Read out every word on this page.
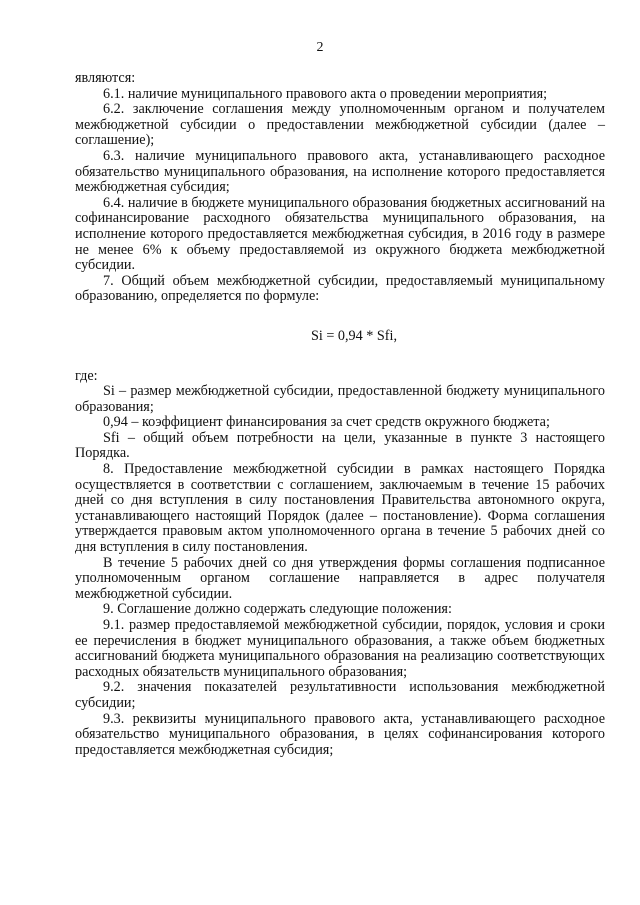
2

являются:

6.1. наличие муниципального правового акта о проведении мероприятия;

6.2. заключение соглашения между уполномоченным органом и получателем межбюджетной субсидии о предоставлении межбюджетной субсидии (далее – соглашение);

6.3. наличие муниципального правового акта, устанавливающего расходное обязательство муниципального образования, на исполнение которого предоставляется межбюджетная субсидия;

6.4. наличие в бюджете муниципального образования бюджетных ассигнований на софинансирование расходного обязательства муниципального образования, на исполнение которого предоставляется межбюджетная субсидия, в 2016 году в размере не менее 6% к объему предоставляемой из окружного бюджета межбюджетной субсидии.

7. Общий объем межбюджетной субсидии, предоставляемый муниципальному образованию, определяется по формуле:

Si = 0,94 * Sfi,

где:

Si – размер межбюджетной субсидии, предоставленной бюджету муниципального образования;

0,94 – коэффициент финансирования за счет средств окружного бюджета;

Sfi – общий объем потребности на цели, указанные в пункте 3 настоящего Порядка.

8. Предоставление межбюджетной субсидии в рамках настоящего Порядка осуществляется в соответствии с соглашением, заключаемым в течение 15 рабочих дней со дня вступления в силу постановления Правительства автономного округа, устанавливающего настоящий Порядок (далее – постановление). Форма соглашения утверждается правовым актом уполномоченного органа в течение 5 рабочих дней со дня вступления в силу постановления.

В течение 5 рабочих дней со дня утверждения формы соглашения подписанное уполномоченным органом соглашение направляется в адрес получателя межбюджетной субсидии.

9. Соглашение должно содержать следующие положения:

9.1. размер предоставляемой межбюджетной субсидии, порядок, условия и сроки ее перечисления в бюджет муниципального образования, а также объем бюджетных ассигнований бюджета муниципального образования на реализацию соответствующих расходных обязательств муниципального образования;

9.2. значения показателей результативности использования межбюджетной субсидии;

9.3. реквизиты муниципального правового акта, устанавливающего расходное обязательство муниципального образования, в целях софинансирования которого предоставляется межбюджетная субсидия;
